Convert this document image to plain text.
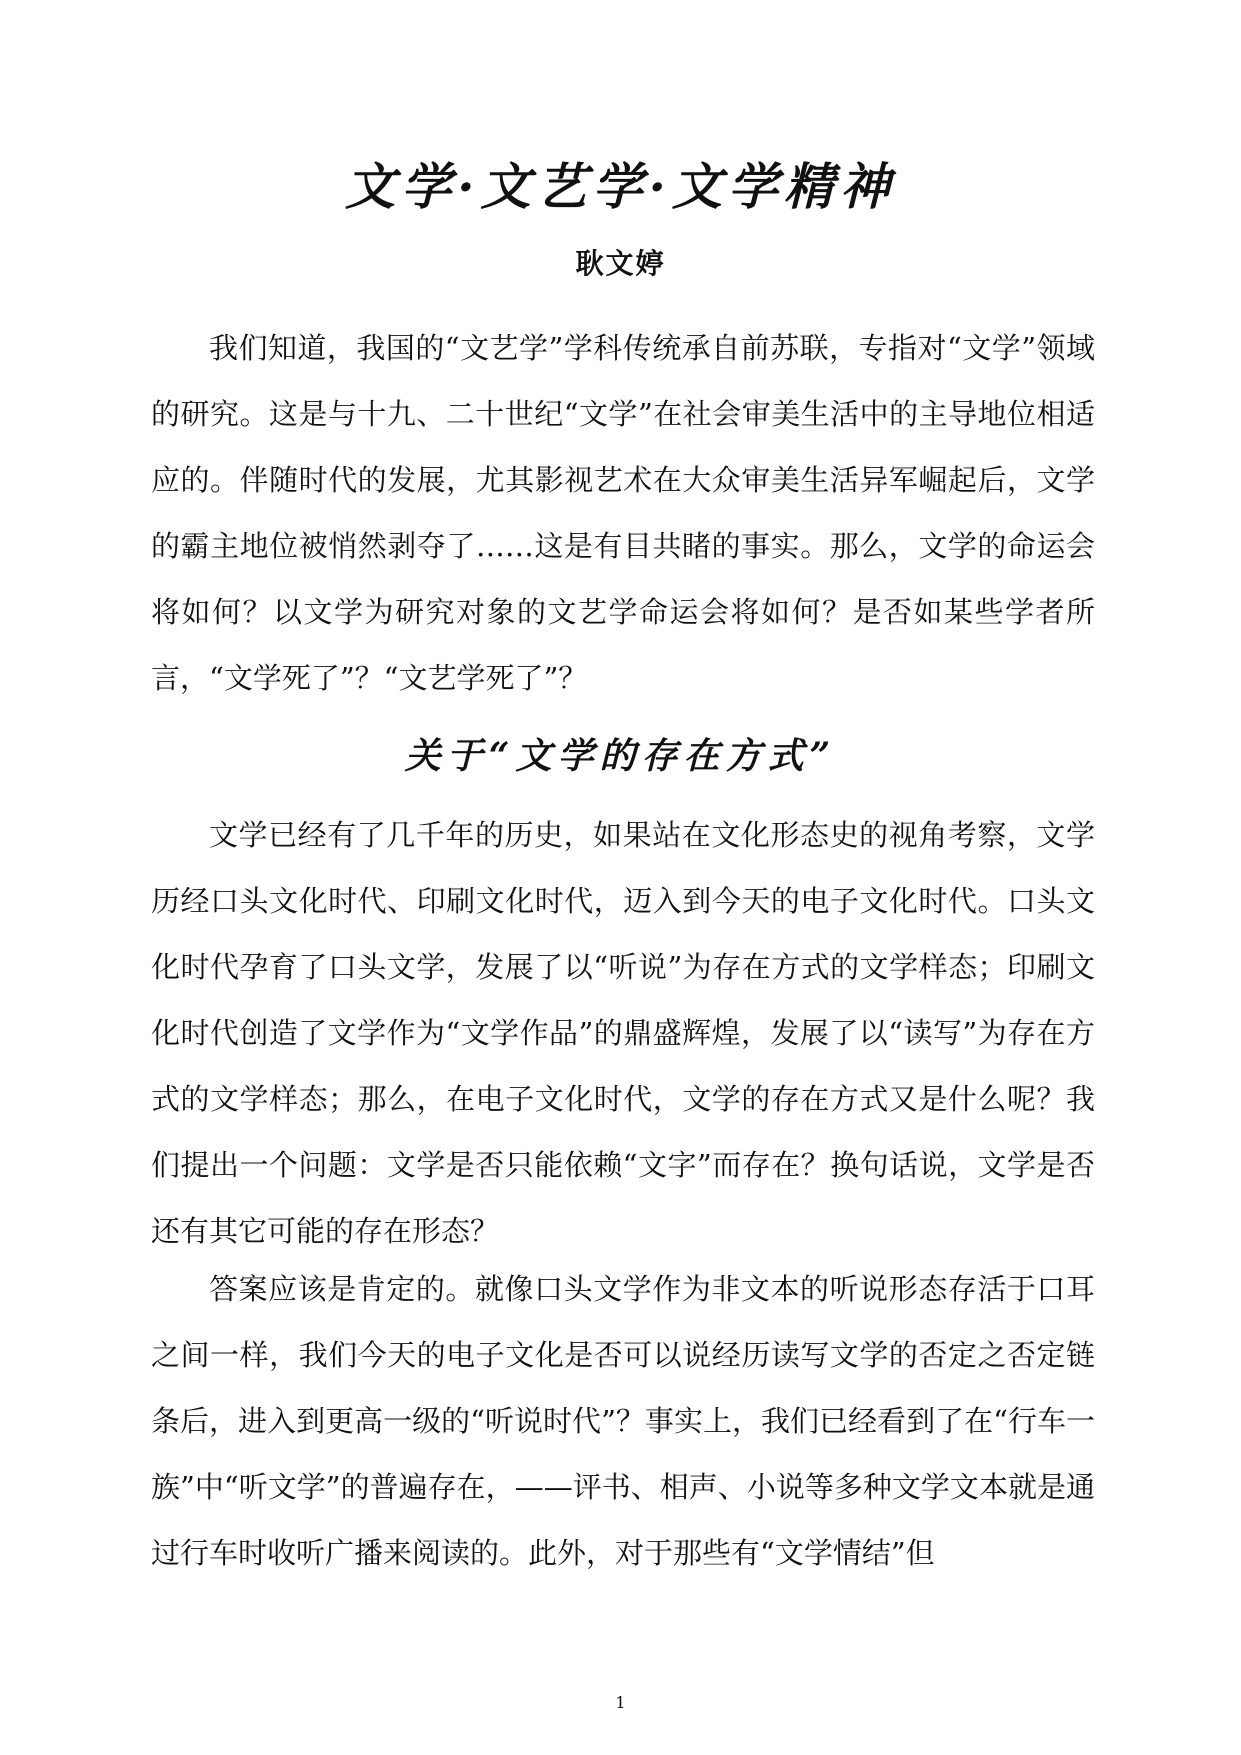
文学·文艺学·文学精神

耿文婷

我们知道，我国的“文艺学”学科传统承自前苏联，专指对“文学”领域的研究。这是与十九、二十世纪“文学”在社会审美生活中的主导地位相适应的。伴随时代的发展，尤其影视艺术在大众审美生活异军崛起后，文学的霸主地位被悄然剥夺了……这是有目共睹的事实。那么，文学的命运会将如何？以文学为研究对象的文艺学命运会将如何？是否如某些学者所言，“文学死了”？“文艺学死了”？

关于“文学的存在方式”

文学已经有了几千年的历史，如果站在文化形态史的视角考察，文学历经口头文化时代、印刷文化时代，迈入到今天的电子文化时代。口头文化时代孕育了口头文学，发展了以“听说”为存在方式的文学样态；印刷文化时代创造了文学作为“文学作品”的鼎盛辉煌，发展了以“读写”为存在方式的文学样态；那么，在电子文化时代，文学的存在方式又是什么呢？我们提出一个问题：文学是否只能依赖“文字”而存在？换句话说，文学是否还有其它可能的存在形态？

答案应该是肯定的。就像口头文学作为非文本的听说形态存活于口耳之间一样，我们今天的电子文化是否可以说经历读写文学的否定之否定链条后，进入到更高一级的“听说时代”？事实上，我们已经看到了在“行车一族”中“听文学”的普遍存在，——评书、相声、小说等多种文学文本就是通过行车时收听广播来阅读的。此外，对于那些有“文学情结”但

1
